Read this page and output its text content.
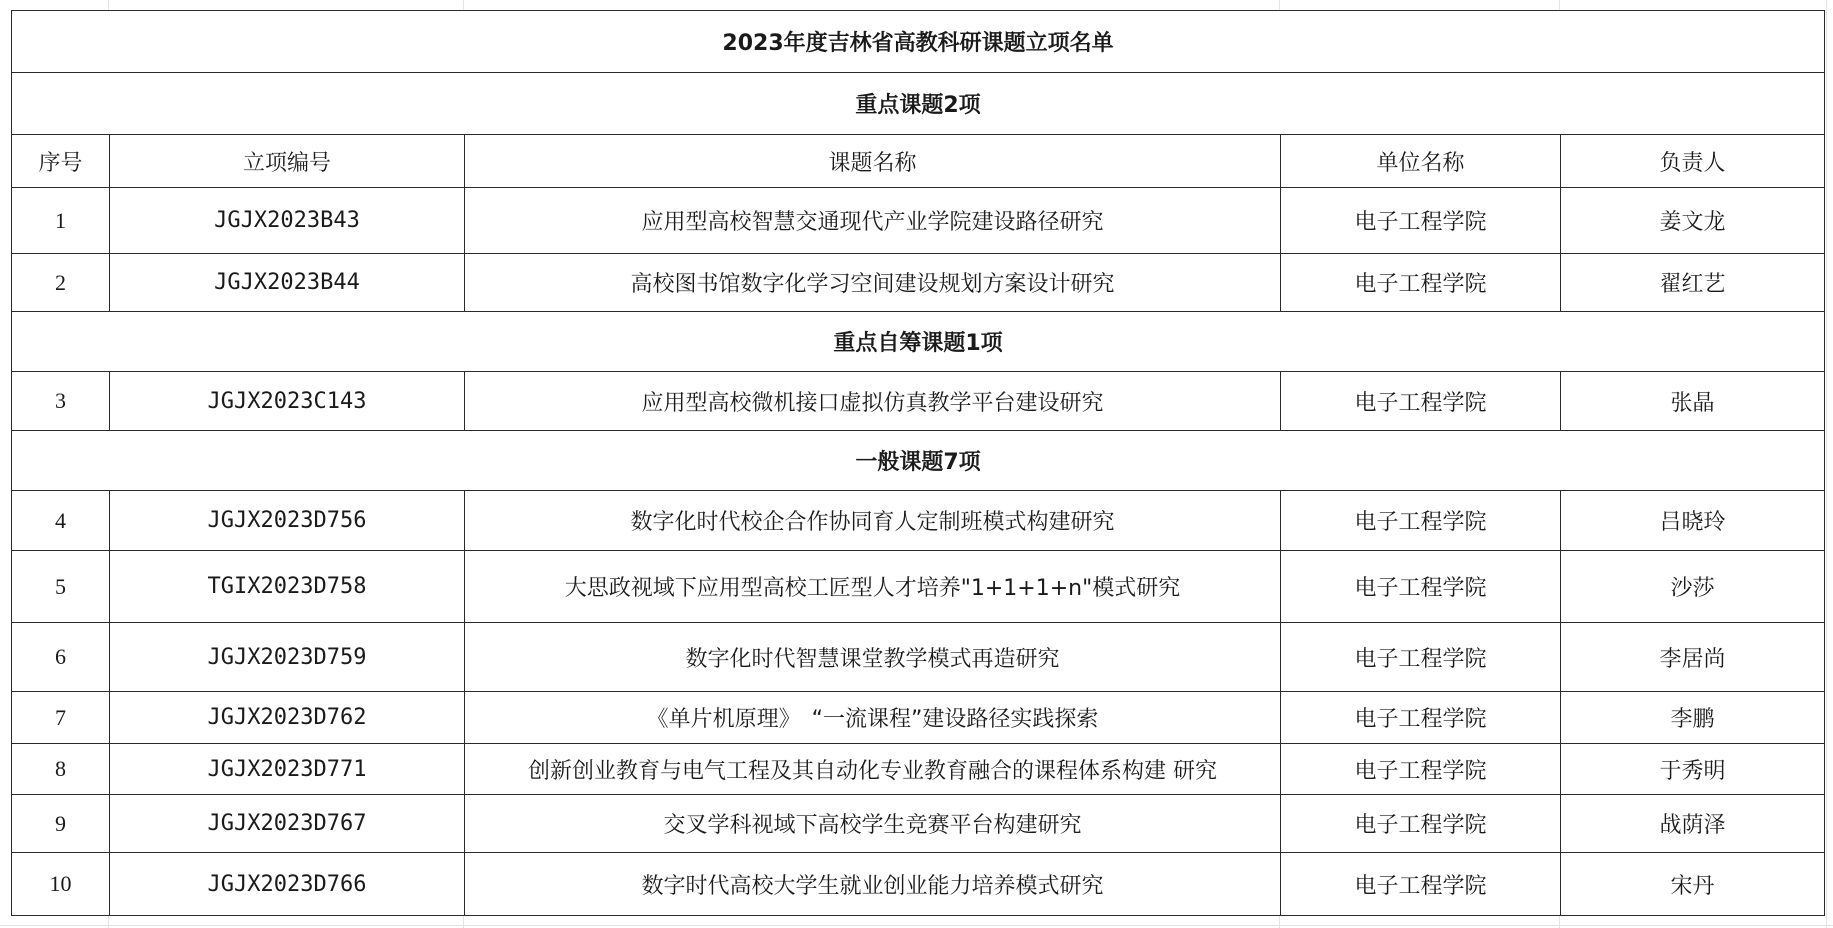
2023年度吉林省高教科研课题立项名单				
重点课题2项				
序号	立项编号	课题名称	单位名称	负责人
1	JGJX2023B43	应用型高校智慧交通现代产业学院建设路径研究	电子工程学院	姜文龙
2	JGJX2023B44	高校图书馆数字化学习空间建设规划方案设计研究	电子工程学院	翟红艺
重点自筹课题1项				
3	JGJX2023C143	应用型高校微机接口虚拟仿真教学平台建设研究	电子工程学院	张晶
一般课题7项				
4	JGJX2023D756	数字化时代校企合作协同育人定制班模式构建研究	电子工程学院	吕晓玲
5	TGIX2023D758	大思政视域下应用型高校工匠型人才培养"1+1+1+n"模式研究	电子工程学院	沙莎
6	JGJX2023D759	数字化时代智慧课堂教学模式再造研究	电子工程学院	李居尚
7	JGJX2023D762	《单片机原理》　“一流课程”建设路径实践探索	电子工程学院	李鹏
8	JGJX2023D771	创新创业教育与电气工程及其自动化专业教育融合的课程体系构建 研究	电子工程学院	于秀明
9	JGJX2023D767	交叉学科视域下高校学生竞赛平台构建研究	电子工程学院	战荫泽
10	JGJX2023D766	数字时代高校大学生就业创业能力培养模式研究	电子工程学院	宋丹
